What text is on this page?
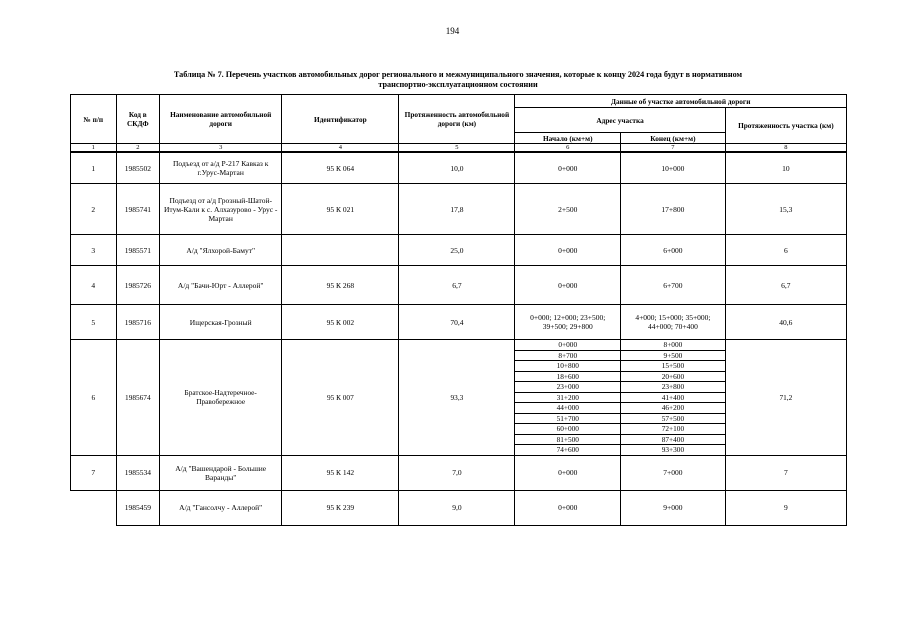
194
Таблица № 7. Перечень участков автомобильных дорог регионального и межмуниципального значения, которые к концу 2024 года будут в нормативном
транспортно-эксплуатационном состоянии
№ п/п	Код в СКДФ	Наименование автомобильной дороги	Идентификатор	Протяженность автомобильной дороги (км)	Данные об участке автомобильной дороги		
					Адрес участка		Протяженность участка (км)
					Начало (км+м)	Конец (км+м)	
1	2	3	4	5	6	7	8
1	1985502	Подъезд от а/д Р-217 Кавказ к г.Урус-Мартан	95 К 064	10,0	0+000	10+000	10
2	1985741	Подъезд от а/д Грозный-Шатой-Итум-Кали к с. Алхазурово - Урус - Мартан	95 К 021	17,8	2+500	17+800	15,3
3	1985571	А/д "Ялхорой-Бамут"		25,0	0+000	6+000	6
4	1985726	А/д "Бачи-Юрт - Аллерой"	95 К 268	6,7	0+000	6+700	6,7
5	1985716	Ищерская-Грозный	95 К 002	70,4	0+000; 12+000; 23+500; 39+500; 29+800	4+000; 15+000; 35+000; 44+000; 70+400	40,6
6	1985674	Братское-Надтеречное-Правобережное	95 К 007	93,3	0+000	8+000	71,2
					8+700	9+500	
					10+800	15+500	
					18+600	20+600	
					23+000	23+800	
					31+200	41+400	
					44+000	46+200	
					51+700	57+500	
					60+000	72+100	
					81+500	87+400	
					74+600	93+300	
7	1985534	А/д "Вашендарой - Большие Варанды"	95 К 142	7,0	0+000	7+000	7
	1985459	А/д "Гансолчу - Аллерой"	95 К 239	9,0	0+000	9+000	9
